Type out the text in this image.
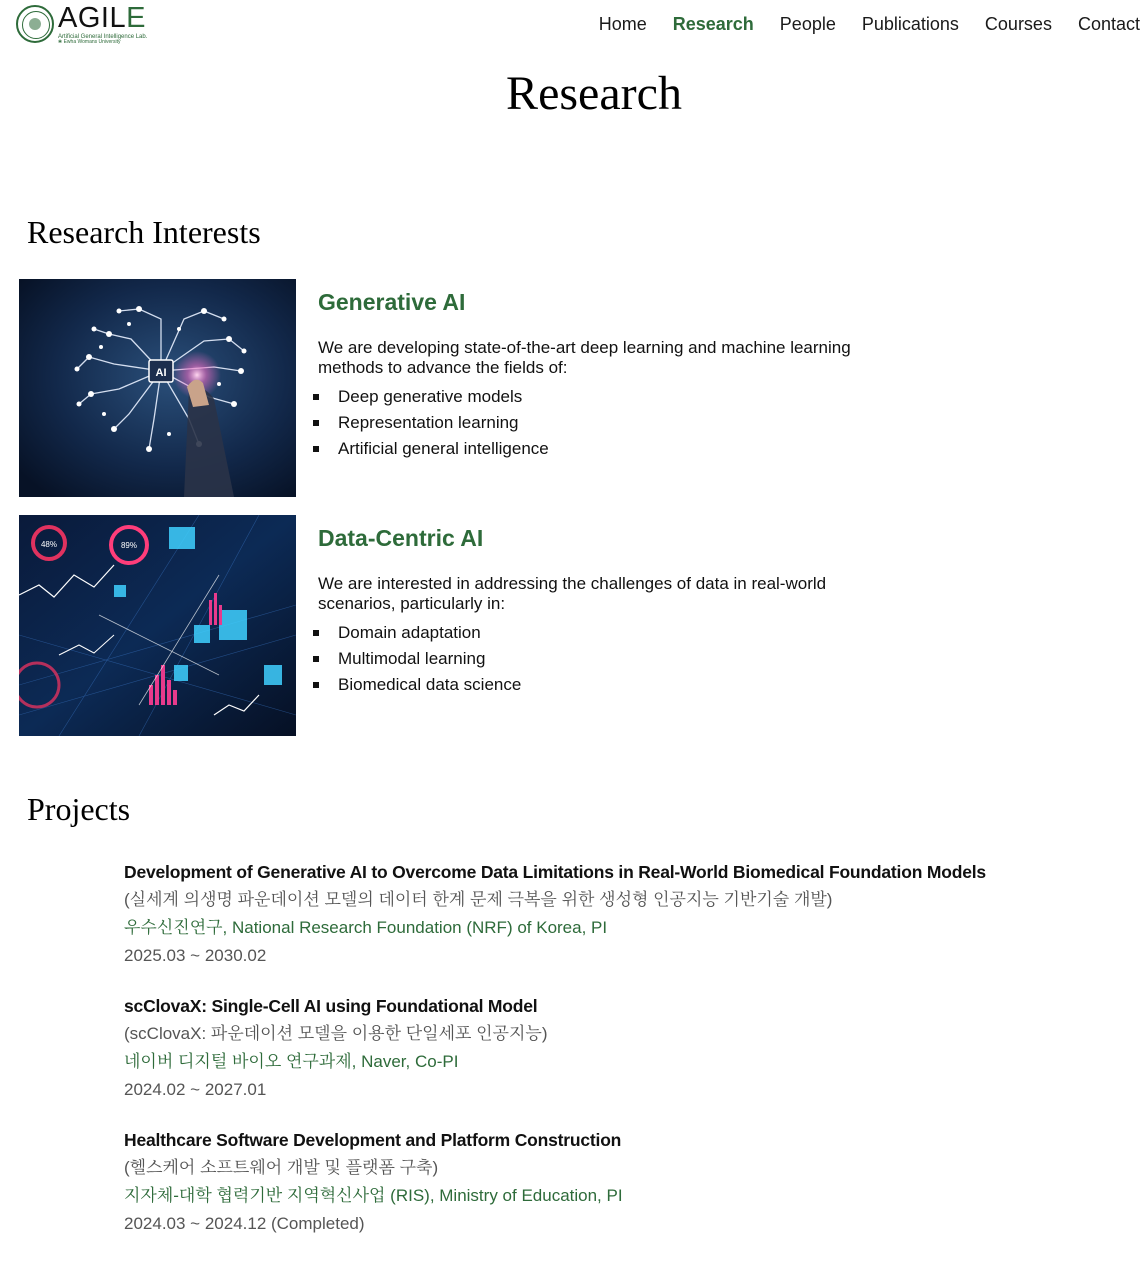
AGILE
Artificial General Intelligence Lab.
❀ Ewha Womans University
Home Research People Publications Courses Contact
Research
Research Interests
AI
Generative AI

We are developing state-of-the-art deep learning and machine learning methods to advance the fields of:

Deep generative models
Representation learning
Artificial general intelligence
48%	89%	Data-Centric AI

We are interested in addressing the challenges of data in real-world scenarios, particularly in:

Domain adaptation
Multimodal learning
Biomedical data science
Projects
Development of Generative AI to Overcome Data Limitations in Real-World Biomedical Foundation Models
(실세계 의생명 파운데이션 모델의 데이터 한계 문제 극복을 위한 생성형 인공지능 기반기술 개발)
우수신진연구, National Research Foundation (NRF) of Korea, PI
2025.03 ~ 2030.02
scClovaX: Single-Cell AI using Foundational Model
(scClovaX: 파운데이션 모델을 이용한 단일세포 인공지능)
네이버 디지털 바이오 연구과제, Naver, Co-PI
2024.02 ~ 2027.01
Healthcare Software Development and Platform Construction
(헬스케어 소프트웨어 개발 및 플랫폼 구축)
지자체-대학 협력기반 지역혁신사업 (RIS), Ministry of Education, PI
2024.03 ~ 2024.12 (Completed)
